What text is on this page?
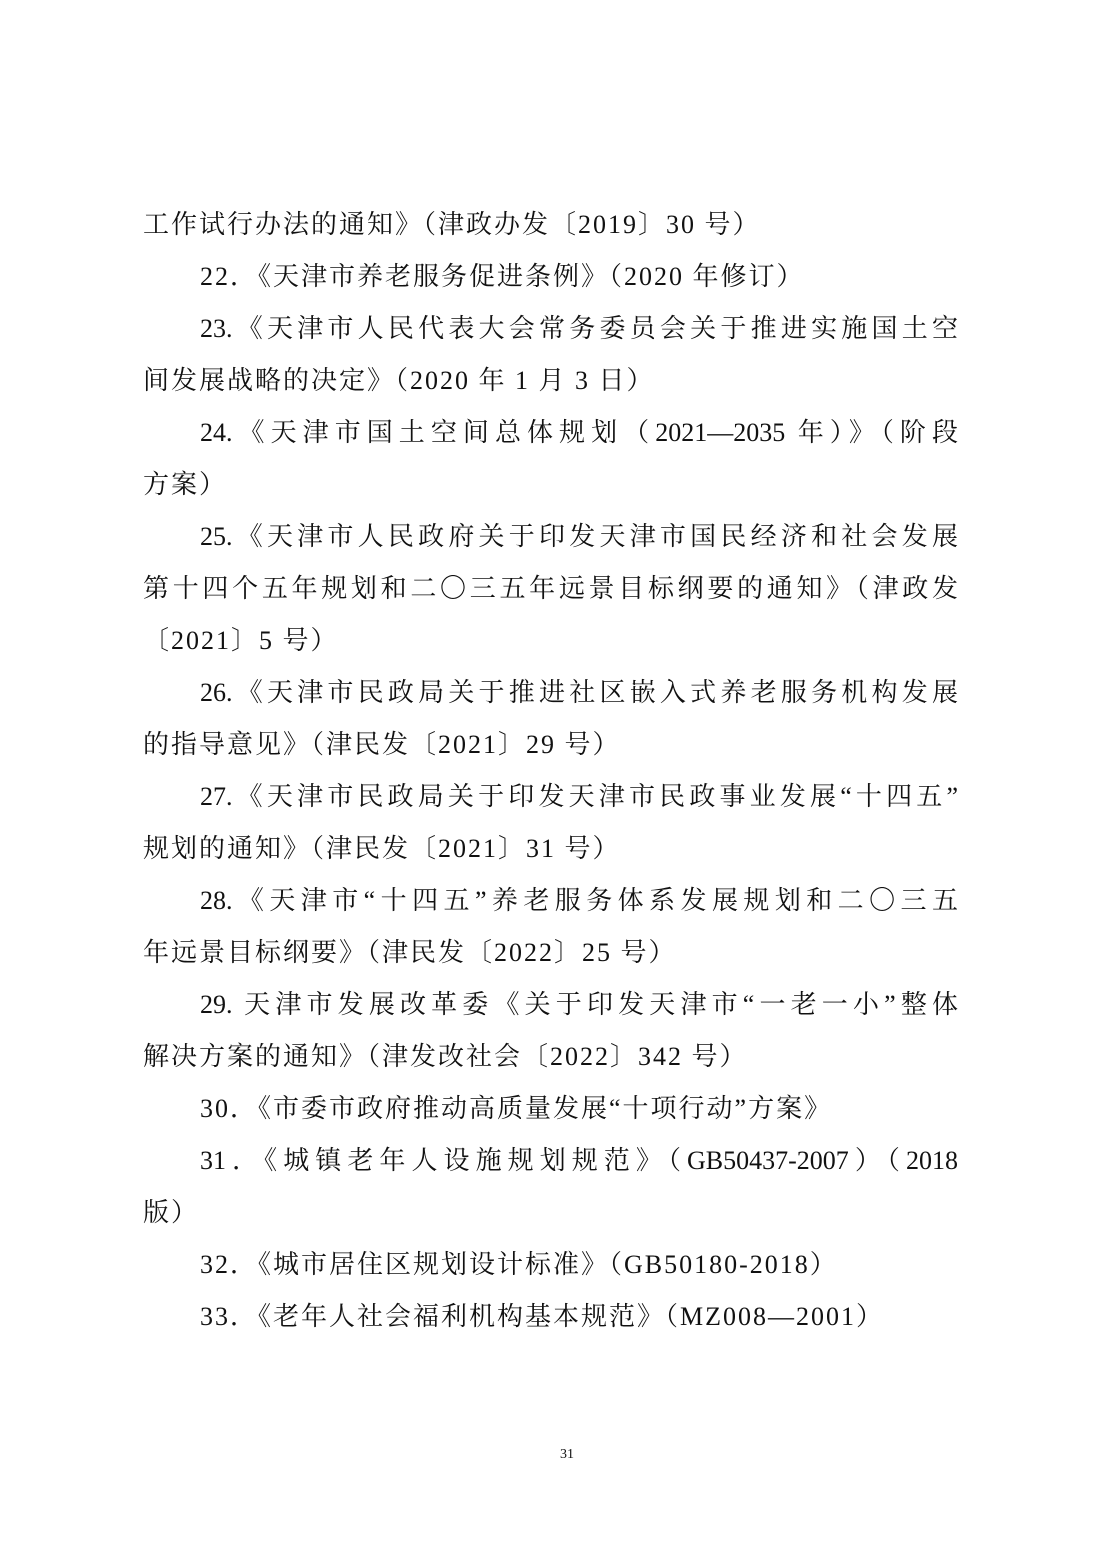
工作试行办法的通知》（津政办发〔2019〕30 号）
22．《天津市养老服务促进条例》（2020 年修订）
23.《天津市人民代表大会常务委员会关于推进实施国土空
间发展战略的决定》（2020 年 1 月 3 日）
24.《天津市国土空间总体规划（2021—2035 年）》（阶段
方案）
25.《天津市人民政府关于印发天津市国民经济和社会发展
第十四个五年规划和二〇三五年远景目标纲要的通知》（津政发
〔2021〕5 号）
26.《天津市民政局关于推进社区嵌入式养老服务机构发展
的指导意见》（津民发〔2021〕29 号）
27.《天津市民政局关于印发天津市民政事业发展“十四五”
规划的通知》（津民发〔2021〕31 号）
28.《天津市“十四五”养老服务体系发展规划和二〇三五
年远景目标纲要》（津民发〔2022〕25 号）
29. 天津市发展改革委《关于印发天津市“一老一小”整体
解决方案的通知》（津发改社会〔2022〕342 号）
30．《市委市政府推动高质量发展“十项行动”方案》
31．《城镇老年人设施规划规范》（GB50437-2007）（2018
版）
32．《城市居住区规划设计标准》（GB50180-2018）
33．《老年人社会福利机构基本规范》（MZ008—2001）
31
